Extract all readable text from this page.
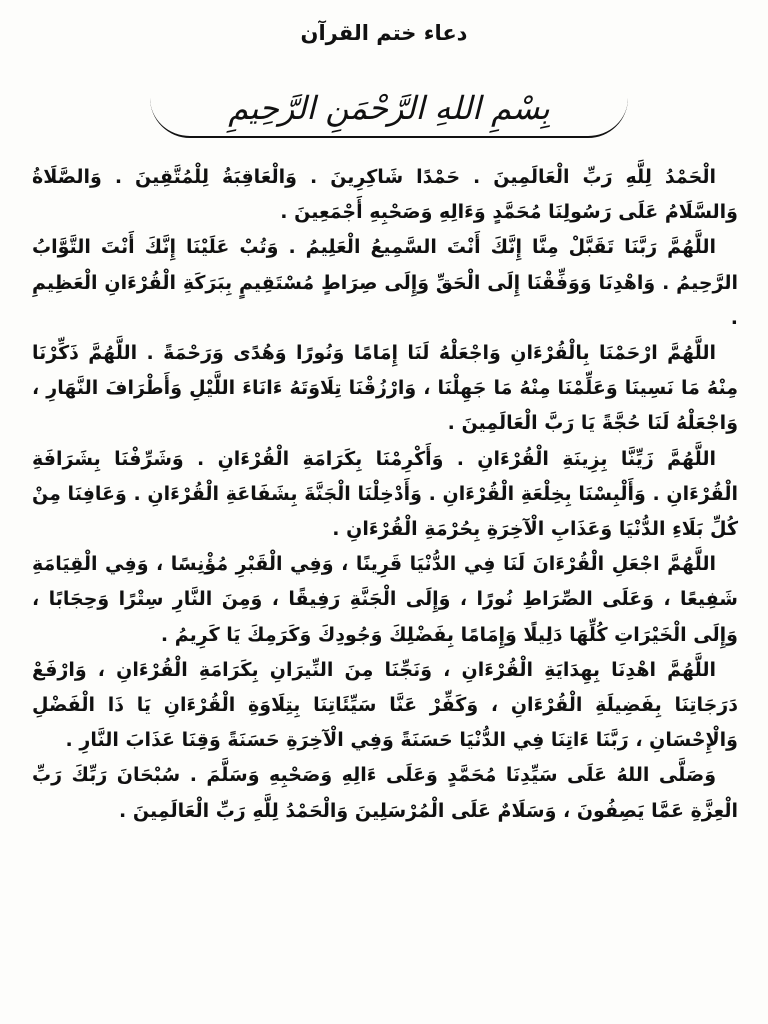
دعاء ختم القرآن
بِسْمِ اللهِ الرَّحْمَنِ الرَّحِيمِ

الْحَمْدُ لِلَّهِ رَبِّ الْعَالَمِينَ . حَمْدًا شَاكِرِينَ . وَالْعَاقِبَةُ لِلْمُتَّقِينَ . وَالصَّلَاةُ وَالسَّلَامُ عَلَى رَسُولِنَا مُحَمَّدٍ وَءَالِهِ وَصَحْبِهِ أَجْمَعِينَ .

اللَّهُمَّ رَبَّنَا تَقَبَّلْ مِنَّا إِنَّكَ أَنْتَ السَّمِيعُ الْعَلِيمُ . وَتُبْ عَلَيْنَا إِنَّكَ أَنْتَ التَّوَّابُ الرَّحِيمُ . وَاهْدِنَا وَوَفِّقْنَا إِلَى الْحَقِّ وَإِلَى صِرَاطٍ مُسْتَقِيمٍ بِبَرَكَةِ الْقُرْءَانِ الْعَظِيمِ .

اللَّهُمَّ ارْحَمْنَا بِالْقُرْءَانِ وَاجْعَلْهُ لَنَا إِمَامًا وَنُورًا وَهُدًى وَرَحْمَةً . اللَّهُمَّ ذَكِّرْنَا مِنْهُ مَا نَسِينَا وَعَلِّمْنَا مِنْهُ مَا جَهِلْنَا ، وَارْزُقْنَا تِلَاوَتَهُ ءَانَاءَ اللَّيْلِ وَأَطْرَافَ النَّهَارِ ، وَاجْعَلْهُ لَنَا حُجَّةً يَا رَبَّ الْعَالَمِينَ .

اللَّهُمَّ زَيِّنَّا بِزِينَةِ الْقُرْءَانِ . وَأَكْرِمْنَا بِكَرَامَةِ الْقُرْءَانِ . وَشَرِّفْنَا بِشَرَافَةِ الْقُرْءَانِ . وَأَلْبِسْنَا بِخِلْعَةِ الْقُرْءَانِ . وَأَدْخِلْنَا الْجَنَّةَ بِشَفَاعَةِ الْقُرْءَانِ . وَعَافِنَا مِنْ كُلِّ بَلَاءِ الدُّنْيَا وَعَذَابِ الْآخِرَةِ بِحُرْمَةِ الْقُرْءَانِ .

اللَّهُمَّ اجْعَلِ الْقُرْءَانَ لَنَا فِي الدُّنْيَا قَرِينًا ، وَفِي الْقَبْرِ مُؤْنِسًا ، وَفِي الْقِيَامَةِ شَفِيعًا ، وَعَلَى الصِّرَاطِ نُورًا ، وَإِلَى الْجَنَّةِ رَفِيقًا ، وَمِنَ النَّارِ سِتْرًا وَحِجَابًا ، وَإِلَى الْخَيْرَاتِ كُلِّهَا دَلِيلًا وَإِمَامًا بِفَضْلِكَ وَجُودِكَ وَكَرَمِكَ يَا كَرِيمُ .

اللَّهُمَّ اهْدِنَا بِهِدَايَةِ الْقُرْءَانِ ، وَنَجِّنَا مِنَ النِّيرَانِ بِكَرَامَةِ الْقُرْءَانِ ، وَارْفَعْ دَرَجَاتِنَا بِفَضِيلَةِ الْقُرْءَانِ ، وَكَفِّرْ عَنَّا سَيِّئَاتِنَا بِتِلَاوَةِ الْقُرْءَانِ يَا ذَا الْفَضْلِ وَالْإِحْسَانِ ، رَبَّنَا ءَاتِنَا فِي الدُّنْيَا حَسَنَةً وَفِي الْآخِرَةِ حَسَنَةً وَقِنَا عَذَابَ النَّارِ .

وَصَلَّى اللهُ عَلَى سَيِّدِنَا مُحَمَّدٍ وَعَلَى ءَالِهِ وَصَحْبِهِ وَسَلَّمَ . سُبْحَانَ رَبِّكَ رَبِّ الْعِزَّةِ عَمَّا يَصِفُونَ ، وَسَلَامٌ عَلَى الْمُرْسَلِينَ وَالْحَمْدُ لِلَّهِ رَبِّ الْعَالَمِينَ .
